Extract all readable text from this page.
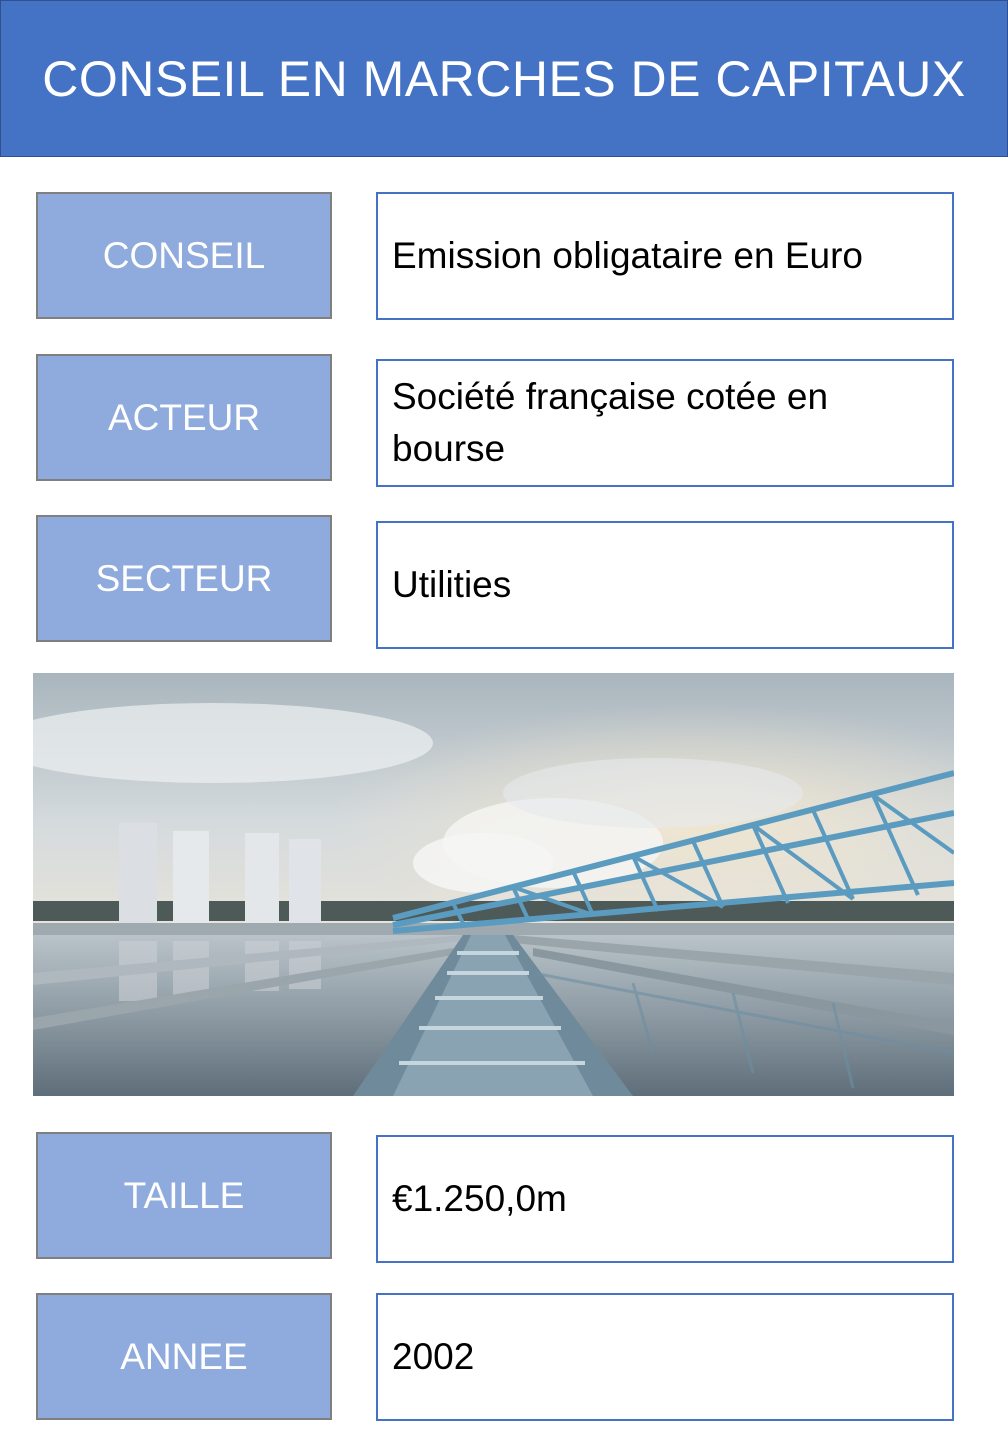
CONSEIL EN MARCHES DE CAPITAUX
CONSEIL	Emission obligataire en Euro
ACTEUR	Société française cotée en bourse
SECTEUR	Utilities
TAILLE	€1.250,0m
ANNEE	2002
